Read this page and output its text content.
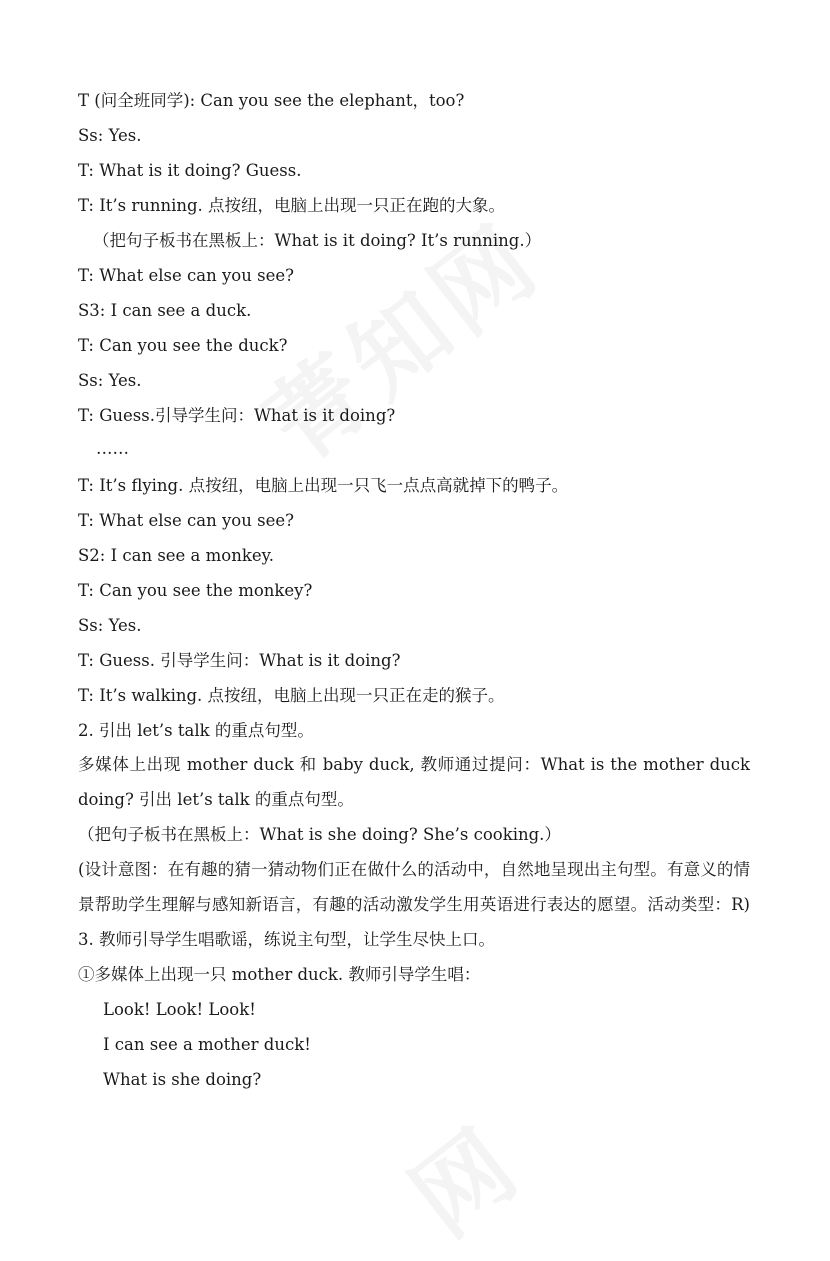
T (问全班同学): Can you see the elephant，too?
Ss: Yes.
T: What is it doing? Guess.
T: It’s running. 点按纽，电脑上出现一只正在跑的大象。
（把句子板书在黑板上：What is it doing? It’s running.）
T: What else can you see?
S3: I can see a duck.
T: Can you see the duck?
Ss: Yes.
T: Guess.引导学生问：What is it doing?
……
T: It’s flying. 点按纽，电脑上出现一只飞一点点高就掉下的鸭子。
T: What else can you see?
S2: I can see a monkey.
T: Can you see the monkey?
Ss: Yes.
T: Guess. 引导学生问：What is it doing?
T: It’s walking. 点按纽，电脑上出现一只正在走的猴子。
2. 引出 let’s talk 的重点句型。
多媒体上出现 mother duck 和 baby duck, 教师通过提问：What is the mother duck
doing? 引出 let’s talk 的重点句型。
（把句子板书在黑板上：What is she doing? She’s cooking.）
(设计意图：在有趣的猜一猜动物们正在做什么的活动中，自然地呈现出主句型。有意义的情
景帮助学生理解与感知新语言，有趣的活动激发学生用英语进行表达的愿望。活动类型：R)
3. 教师引导学生唱歌谣，练说主句型，让学生尽快上口。
①多媒体上出现一只 mother duck. 教师引导学生唱：
Look! Look! Look!
I can see a mother duck!
What is she doing?
